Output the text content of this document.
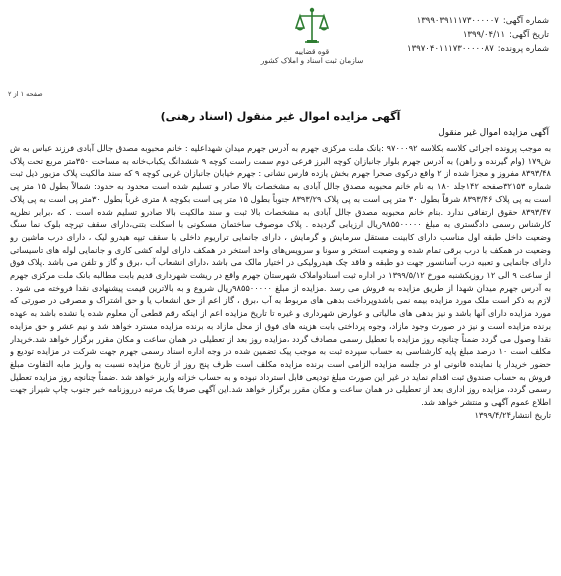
شماره آگهی:۱۳۹۹۰۳۹۱۱۱۷۳۰۰۰۰۰۷
تاریخ آگهی:۱۳۹۹/۰۴/۱۱
شماره پرونده:۱۳۹۷۰۴۰۱۱۱۷۳۰۰۰۰۰۸۷
قوه قضاییه
سازمان ثبت اسناد و املاک کشور
صفحه ۱ از ۲
آگهی مزایده اموال غیر منقول (اسناد رهنی)
آگهی مزایده اموال غیر منقول

به موجب پرونده اجرائی کلاسه بکلاسه ۹۷۰۰۰۹۲ :بانک ملت مرکزی جهرم به آدرس جهرم میدان شهداعلیه : خانم محبوبه مصدق جالل آبادی فرزند عباس به ش ش۱۷۹ (وام گیرنده و راهن) به آدرس جهرم بلوار جانبازان کوچه البرز فرعی دوم سمت راست کوچه ۹ ششدانگ یکباب‌خانه به مساحت ۳۵۰متر مربع تحت پلاک ۸۳۹۳/۴۸ مفروز و مجزا شده از ۲ واقع درکوی صحرا جهرم بخش یازده فارس نشانی : جهرم خیابان جانبازان غربی کوچه ۹ که سند مالکیت پلاک مزبور ذیل ثبت شماره ۳۲۱۵۳صفحه ۱۴۲جلد ۱۸۰ به نام خانم محبوبه مصدق جالل آبادی به مشخصات بالا صادر و تسلیم شده است محدود به حدود: شمالاً بطول ۱۵ متر پی است به پی پلاک ۸۳۹۳/۴۶ شرقاً بطول ۳۰ متر پی است به پی پلاک ۸۳۹۳/۲۹ جنوباً بطول ۱۵ متر پی است بکوچه ۸ متری غرباً بطول ۳۰متر پی است به پی پلاک ۸۳۹۳/۴۷ حقوق ارتفاقی ندارد .بنام خانم محبوبه مصدق جالل آبادی به مشخصات بالا ثبت و سند مالکیت بالا صادرو تسلیم شده است . که ،برابر نظریه کارشناس رسمی دادگستری به مبلغ ۹۸۵۵۰۰۰۰۰ریال ارزیابی گردیده . پلاک موصوف ساختمان مسکونی با اسکلت بتنی،دارای سقف تیرچه بلوک نما سنگ وضعیت داخل طبقه اول مناسب دارای کابینت مستقل سرمایش و گرمایش ، دارای جانمایی تراریوم داخلی با سقف تیپه هیدرو لیک ، دارای درب ماشین رو وضعیت در همکف با درب برقی تمام شده و وضعیت استخر و سونا و سرویس‌های واحد استخر در همکف دارای لوله کشی کاری و جانمایی لوله های تاسیساتی دارای جانمایی و تعبیه درب آسانسور جهت دو طبقه و فاقد چک هیدرولیکی در اختیار مالک می باشد ،دارای انشعاب آب ،برق و گاز و تلفن می باشد .پلاک فوق از ساعت ۹ الی ۱۲ روزیکشنبه مورخ ۱۳۹۹/۵/۱۲ در اداره ثبت اسناد‌و‌املاک شهرستان جهرم واقع در ریشت شهرداری قدیم بابت مطالبه بانک ملت مرکزی جهرم به آدرس جهرم میدان شهدا از طریق مزایده به فروش می رسد .مزایده از مبلغ ۹۸۵۵۰۰۰۰۰ریال شروع و به بالاترین قیمت پیشنهادی نقدا فروخته می شود . لازم به ذکر است ملک مورد مزایده بیمه نمی باشدوپرداخت بدهی های مربوط به آب ،برق ، گاز اعم از حق انشعاب یا و حق اشتراک و مصرفی در صورتی که مورد مزایده دارای آنها باشد و نیز بدهی های مالیاتی و عوارض شهرداری و غیره تا تاریخ مزایده اعم از اینکه رقم قطعی آن معلوم شده یا نشده باشد به عهده برنده مزایده است و نیز در صورت وجود مازاد، وجوه پرداختی بابت هزینه های فوق از محل مازاد به برنده مزایده مسترد خواهد شد و نیم عشر و حق مزایده نقدا وصول می گردد ضمناً چنانچه روز مزایده با تعطیل رسمی مصادف گردد ،مزایده روز بعد از تعطیلی در همان ساعت و مکان مقرر برگزار خواهد شد.خریدار مکلف است ۱۰ درصد مبلغ پایه کارشناسی به حساب سپرده ثبت به موجب پیک تضمین شده در وجه اداره اسناد رسمی جهرم جهت شرکت در مزایده تودیع و حضور خریدار یا نماینده قانونی او در جلسه مزایده الزامی است برنده مزایده مکلف است ظرف پنج روز از تاریخ مزایده نسبت به واریز مابه التفاوت مبلغ فروش به حساب صندوق ثبت اقدام نماید در غیر این صورت مبلغ تودیعی قابل استرداد نبوده و به حساب خزانه واریز خواهد شد .ضمناً چنانچه روز مزایده تعطیل رسمی گردد، مزایده روز اداری بعد از تعطیلی در همان ساعت و مکان مقرر برگزار خواهد شد.این آگهی صرفا یک مرتبه درروزنامه خبر جنوب چاپ شیراز جهت اطلاع عموم آگهی و منتشر خواهد شد.

تاریخ انتشار۱۳۹۹/۴/۲۴
